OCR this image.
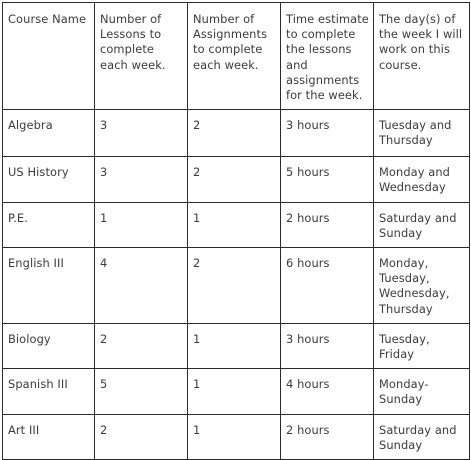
Course Name	Number of Lessons to complete each week.	Number of Assignments to complete each week.	Time estimate to complete the lessons and assignments for the week.	The day(s) of the week I will work on this course.
Algebra	3	2	3 hours	Tuesday and Thursday
US History	3	2	5 hours	Monday and Wednesday
P.E.	1	1	2 hours	Saturday and Sunday
English III	4	2	6 hours	Monday, Tuesday, Wednesday, Thursday
Biology	2	1	3 hours	Tuesday, Friday
Spanish III	5	1	4 hours	Monday-Sunday
Art III	2	1	2 hours	Saturday and Sunday
